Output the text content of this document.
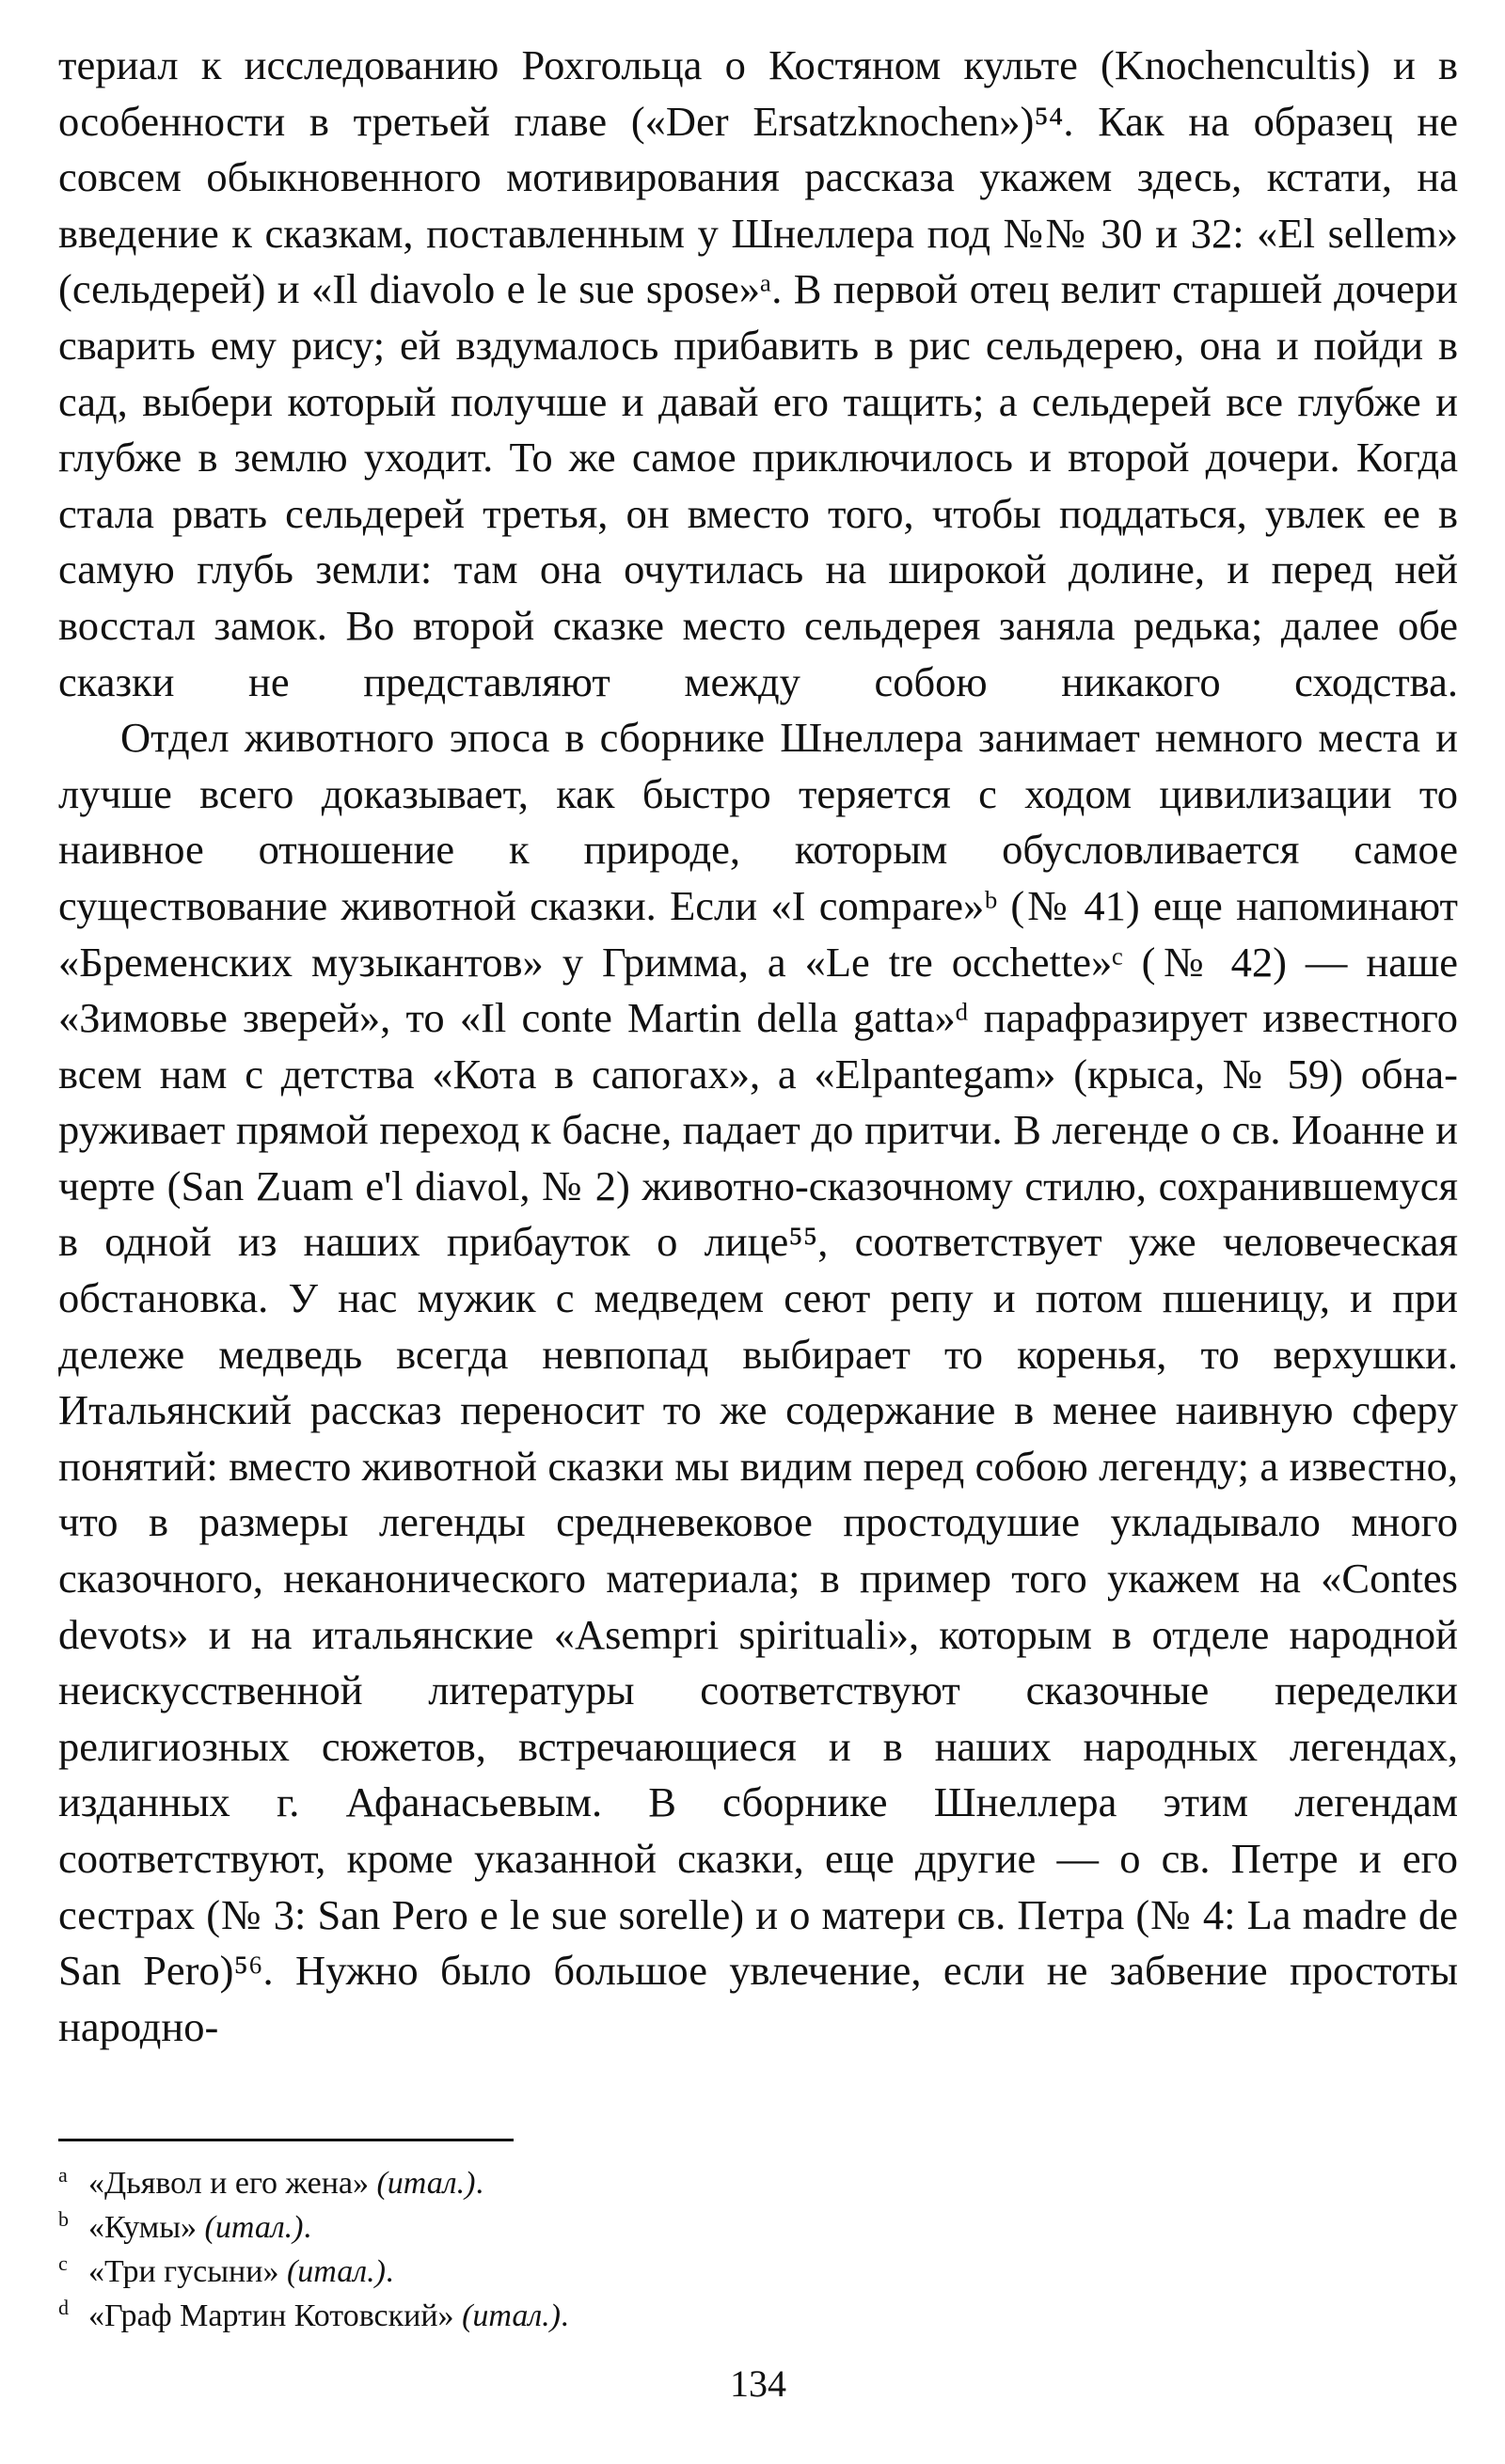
териал к исследованию Рохгольца о Костяном культе (Knochencultis) и в особенности в третьей главе («Der Ersatzknochen»)⁵⁴. Как на образец не совсем обыкновенного мотивирования рассказа укажем здесь, кстати, на введение к сказкам, поставленным у Шнеллера под №№ 30 и 32: «El sellem» (сельдерей) и «Il diavolo e le sue spose»ᵃ. В первой отец велит старшей дочери сварить ему рису; ей вздумалось прибавить в рис сельдерею, она и пойди в сад, выбери который получше и давай его тащить; а сельдерей все глубже и глубже в землю уходит. То же самое приключилось и второй дочери. Когда стала рвать сельдерей третья, он вместо того, чтобы поддаться, увлек ее в самую глубь земли: там она очутилась на широкой долине, и перед ней восстал замок. Во второй сказке место сельдерея заняла редька; далее обе сказки не представляют между собою никакого сходства.

Отдел животного эпоса в сборнике Шнеллера занимает немного места и лучше всего доказывает, как быстро теряется с ходом цивилизации то наивное отношение к природе, которым обусловливается самое существование животной сказки. Если «I compare»ᵇ (№ 41) еще напоминают «Бременских музыкантов» у Гримма, а «Le tre occhette»ᶜ (№ 42) — наше «Зимовье зверей», то «Il conte Martin della gatta»ᵈ парафразирует известного всем нам с детства «Кота в сапогах», а «Elpantegam» (крыса, № 59) обнаруживает прямой переход к басне, падает до притчи. В легенде о св. Иоанне и черте (San Zuam e'l diavol, № 2) животно-сказочному стилю, сохранившемуся в одной из наших прибауток о лице⁵⁵, соответствует уже человеческая обстановка. У нас мужик с медведем сеют репу и потом пшеницу, и при дележе медведь всегда невпопад выбирает то коренья, то верхушки. Итальянский рассказ переносит то же содержание в менее наивную сферу понятий: вместо животной сказки мы видим перед собою легенду; а известно, что в размеры легенды средневековое простодушие укладывало много сказочного, неканонического материала; в пример того укажем на «Contes devots» и на итальянские «Asempri spirituali», которым в отделе народной неискусственной литературы соответствуют сказочные переделки религиозных сюжетов, встречающиеся и в наших народных легендах, изданных г. Афанасьевым. В сборнике Шнеллера этим легендам соответствуют, кроме указанной сказки, еще другие — о св. Петре и его сестрах (№ 3: San Pero e le sue sorelle) и о матери св. Петра (№ 4: La madre de San Pero)⁵⁶. Нужно было большое увлечение, если не забвение простоты народно-

a «Дьявол и его жена» (итал.).
b «Кумы» (итал.).
c «Три гусыни» (итал.).
d «Граф Мартин Котовский» (итал.).
134
